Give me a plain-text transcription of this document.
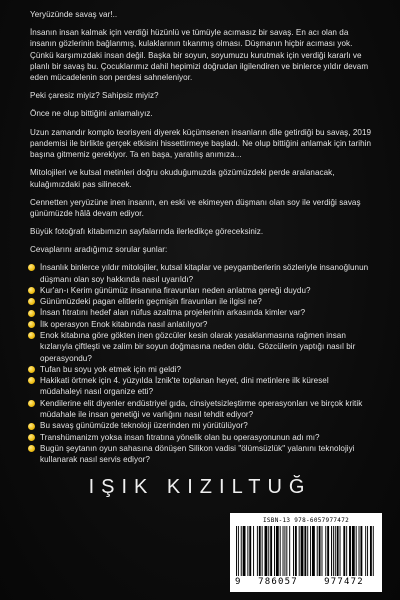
Yeryüzünde savaş var!..

İnsanın insan kalmak için verdiği hüzünlü ve tümüyle acımasız bir savaş. En acı olan da insanın gözlerinin bağlanmış, kulaklarının tıkanmış olması. Düşmanın hiçbir acıması yok. Çünkü karşımızdaki insan değil. Başka bir soyun, soyumuzu kurutmak için verdiği kararlı ve planlı bir savaş bu. Çocuklarımız dahil hepimizi doğrudan ilgilendiren ve binlerce yıldır devam eden mücadelenin son perdesi sahneleniyor.

Peki çaresiz miyiz? Sahipsiz miyiz?

Önce ne olup bittiğini anlamalıyız.

Uzun zamandır komplo teorisyeni diyerek küçümsenen insanların dile getirdiği bu savaş, 2019 pandemisi ile birlikte gerçek etkisini hissettirmeye başladı. Ne olup bittiğini anlamak için tarihin başına gitmemiz gerekiyor. Ta en başa, yaratılış anımıza...

Mitolojileri ve kutsal metinleri doğru okuduğumuzda gözümüzdeki perde aralanacak, kulağımızdaki pas silinecek.

Cennetten yeryüzüne inen insanın, en eski ve ekimeyen düşmanı olan soy ile verdiği savaş günümüzde hâlâ devam ediyor.

Büyük fotoğrafı kitabımızın sayfalarında ilerledikçe göreceksiniz.

Cevaplarını aradığımız sorular şunlar:

İnsanlık binlerce yıldır mitolojiler, kutsal kitaplar ve peygamberlerin sözleriyle insanoğlunun düşmanı olan soy hakkında nasıl uyarıldı?
Kur'an-ı Kerim günümüz insanına firavunları neden anlatma gereği duydu?
Günümüzdeki pagan elitlerin geçmişin firavunları ile ilgisi ne?
İnsan fıtratını hedef alan nüfus azaltma projelerinin arkasında kimler var?
İlk operasyon Enok kitabında nasıl anlatılıyor?
Enok kitabına göre gökten inen gözcüler kesin olarak yasaklanmasına rağmen insan kızlarıyla çiftleşti ve zalim bir soyun doğmasına neden oldu. Gözcülerin yaptığı nasıl bir operasyondu?
Tufan bu soyu yok etmek için mi geldi?
Hakikati örtmek için 4. yüzyılda İznik'te toplanan heyet, dini metinlere ilk küresel müdahaleyi nasıl organize etti?
Kendilerine elit diyenler endüstriyel gıda, cinsiyetsizleştirme operasyonları ve birçok kritik müdahale ile insan genetiği ve varlığını nasıl tehdit ediyor?
Bu savaş günümüzde teknoloji üzerinden mi yürütülüyor?
Transhümanizm yoksa insan fıtratına yönelik olan bu operasyonunun adı mı?
Bugün şeytanın oyun sahasına dönüşen Silikon vadisi "ölümsüzlük" yalanını teknolojiyi kullanarak nasıl servis ediyor?
IŞIK KIZILTUĞ
ISBN-13 978-6057977472
9	786057	977472
